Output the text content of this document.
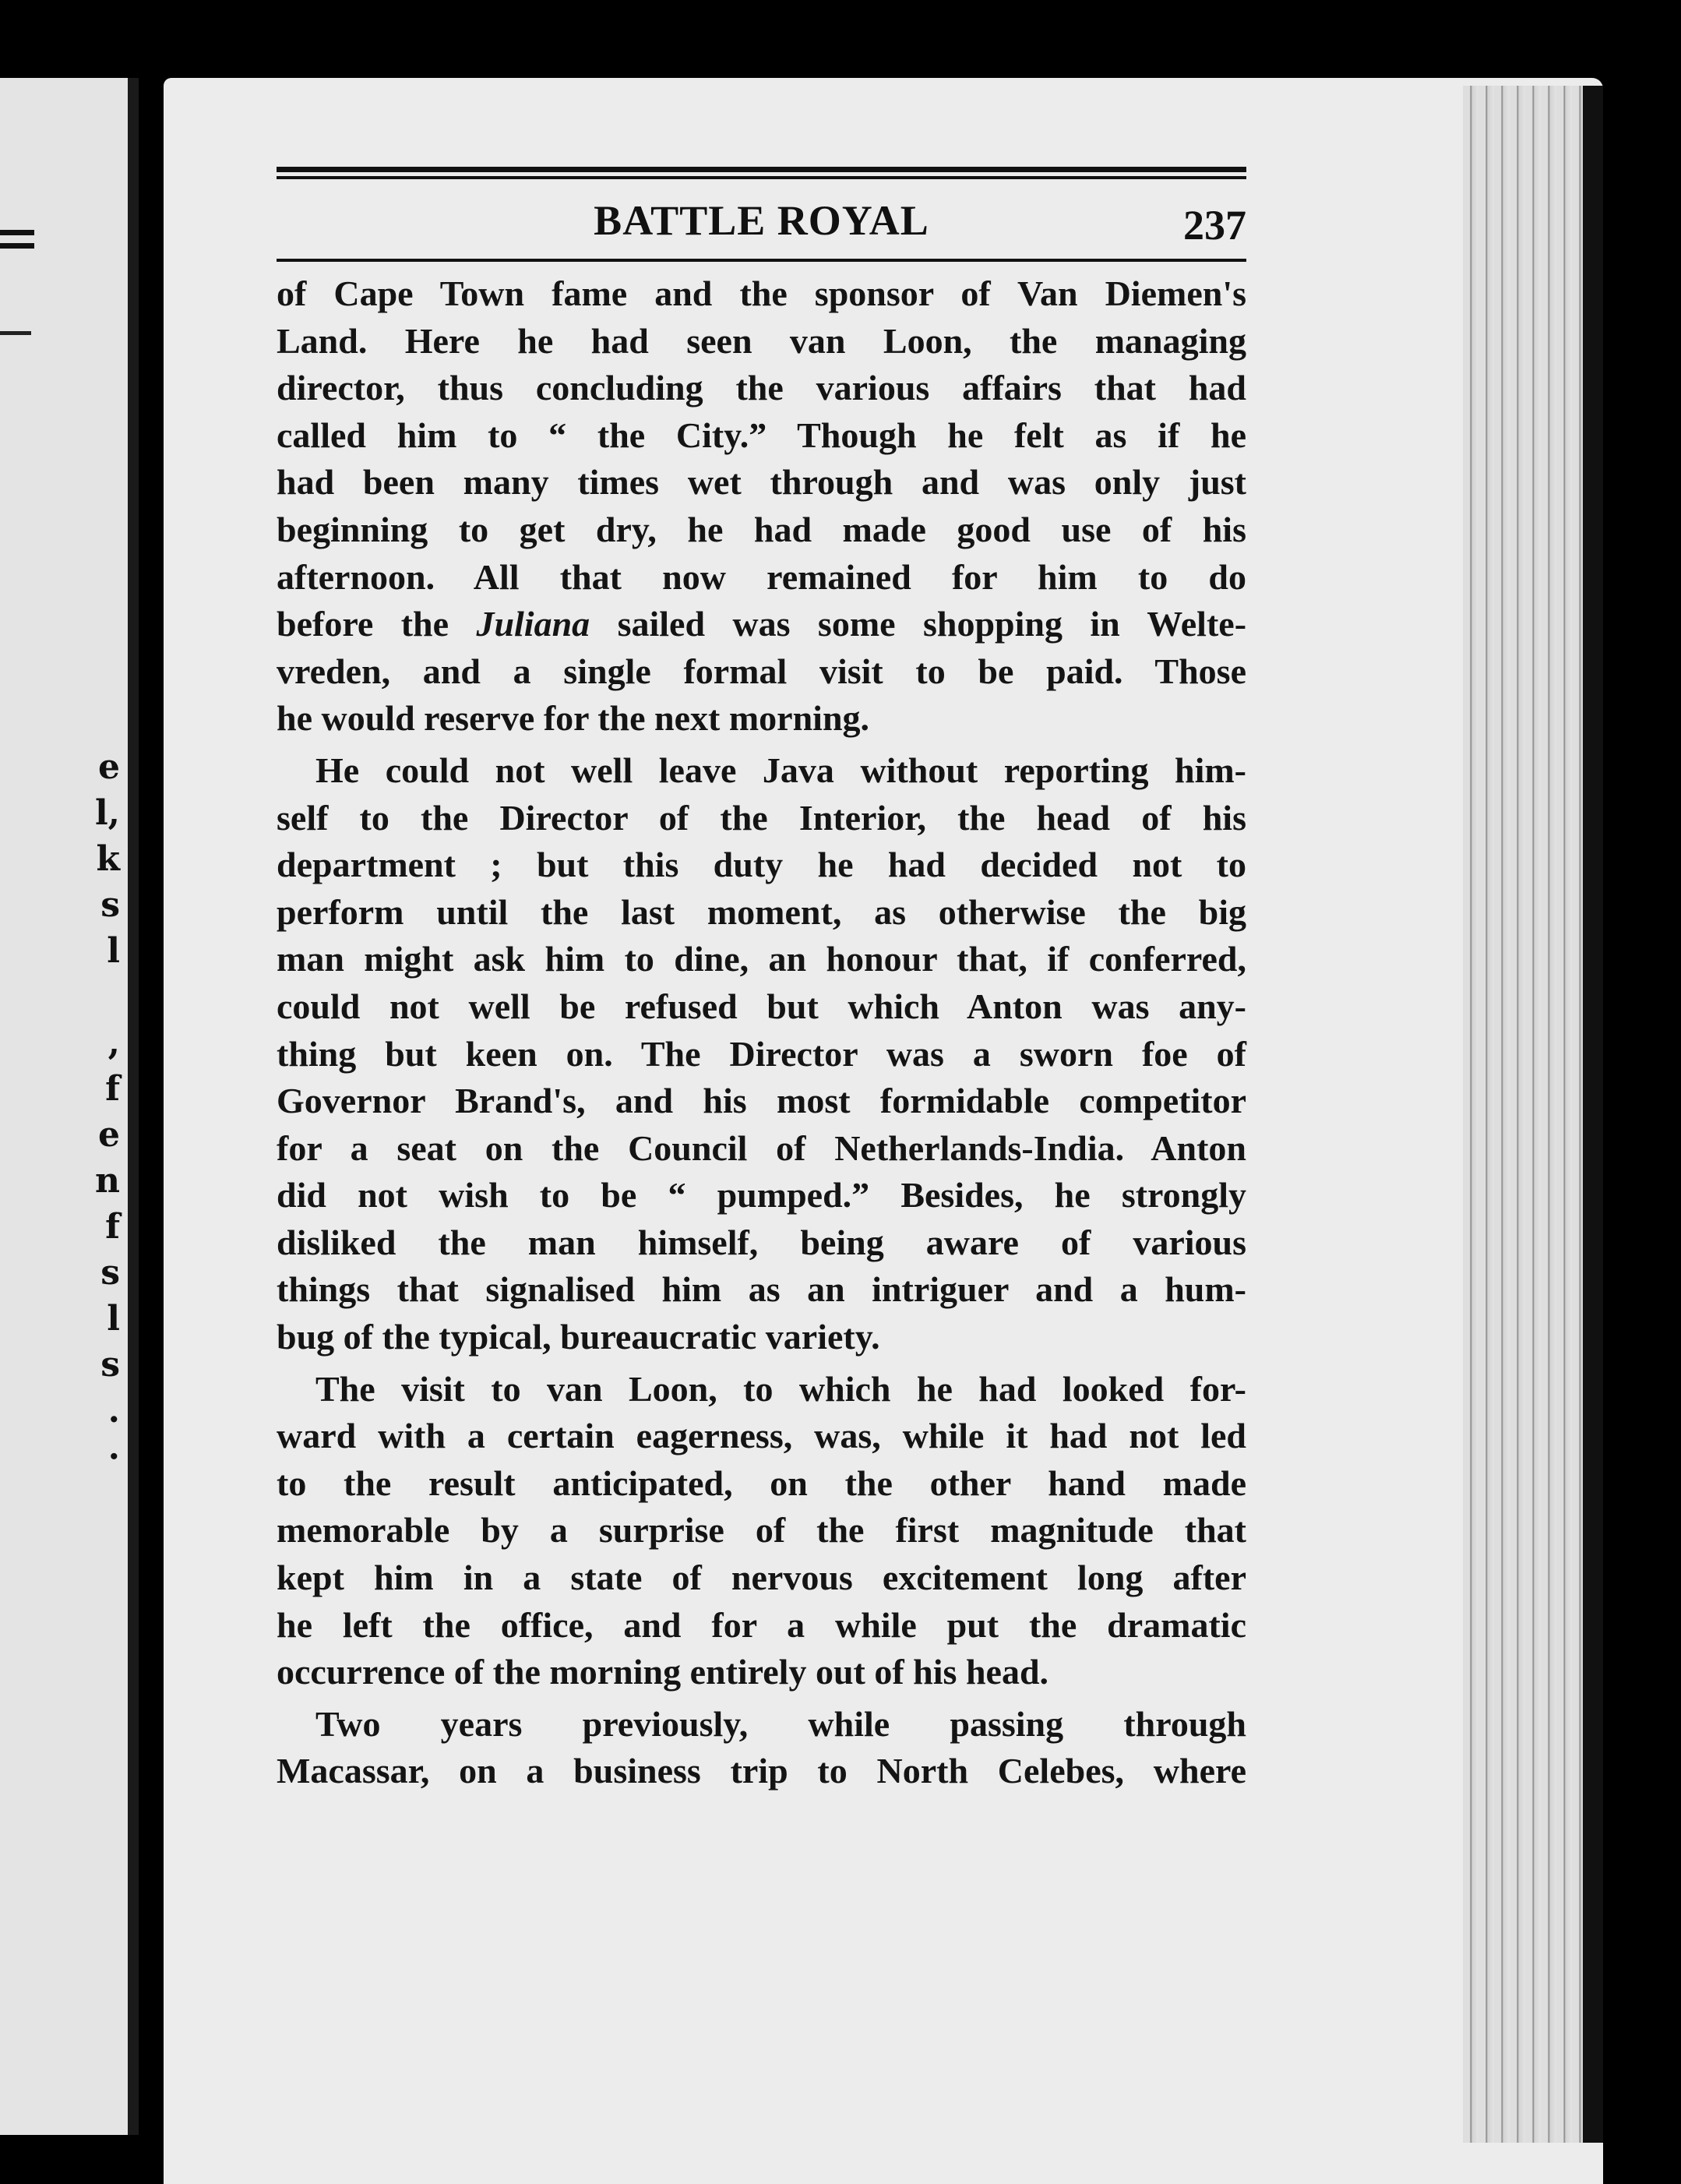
e
l,
k
s
l
,
f
e
n
f
s
l
s
.
·
BATTLE ROYAL	237
of Cape Town fame and the sponsor of Van Diemen's
Land. Here he had seen van Loon, the managing
director, thus concluding the various affairs that had
called him to “ the City.” Though he felt as if he
had been many times wet through and was only just
beginning to get dry, he had made good use of his
afternoon. All that now remained for him to do
before the Juliana sailed was some shopping in Welte-
vreden, and a single formal visit to be paid. Those
he would reserve for the next morning.
He could not well leave Java without reporting him-
self to the Director of the Interior, the head of his
department ; but this duty he had decided not to
perform until the last moment, as otherwise the big
man might ask him to dine, an honour that, if conferred,
could not well be refused but which Anton was any-
thing but keen on. The Director was a sworn foe of
Governor Brand's, and his most formidable competitor
for a seat on the Council of Netherlands-India. Anton
did not wish to be “ pumped.” Besides, he strongly
disliked the man himself, being aware of various
things that signalised him as an intriguer and a hum-
bug of the typical, bureaucratic variety.
The visit to van Loon, to which he had looked for-
ward with a certain eagerness, was, while it had not led
to the result anticipated, on the other hand made
memorable by a surprise of the first magnitude that
kept him in a state of nervous excitement long after
he left the office, and for a while put the dramatic
occurrence of the morning entirely out of his head.
Two years previously, while passing through
Macassar, on a business trip to North Celebes, where
